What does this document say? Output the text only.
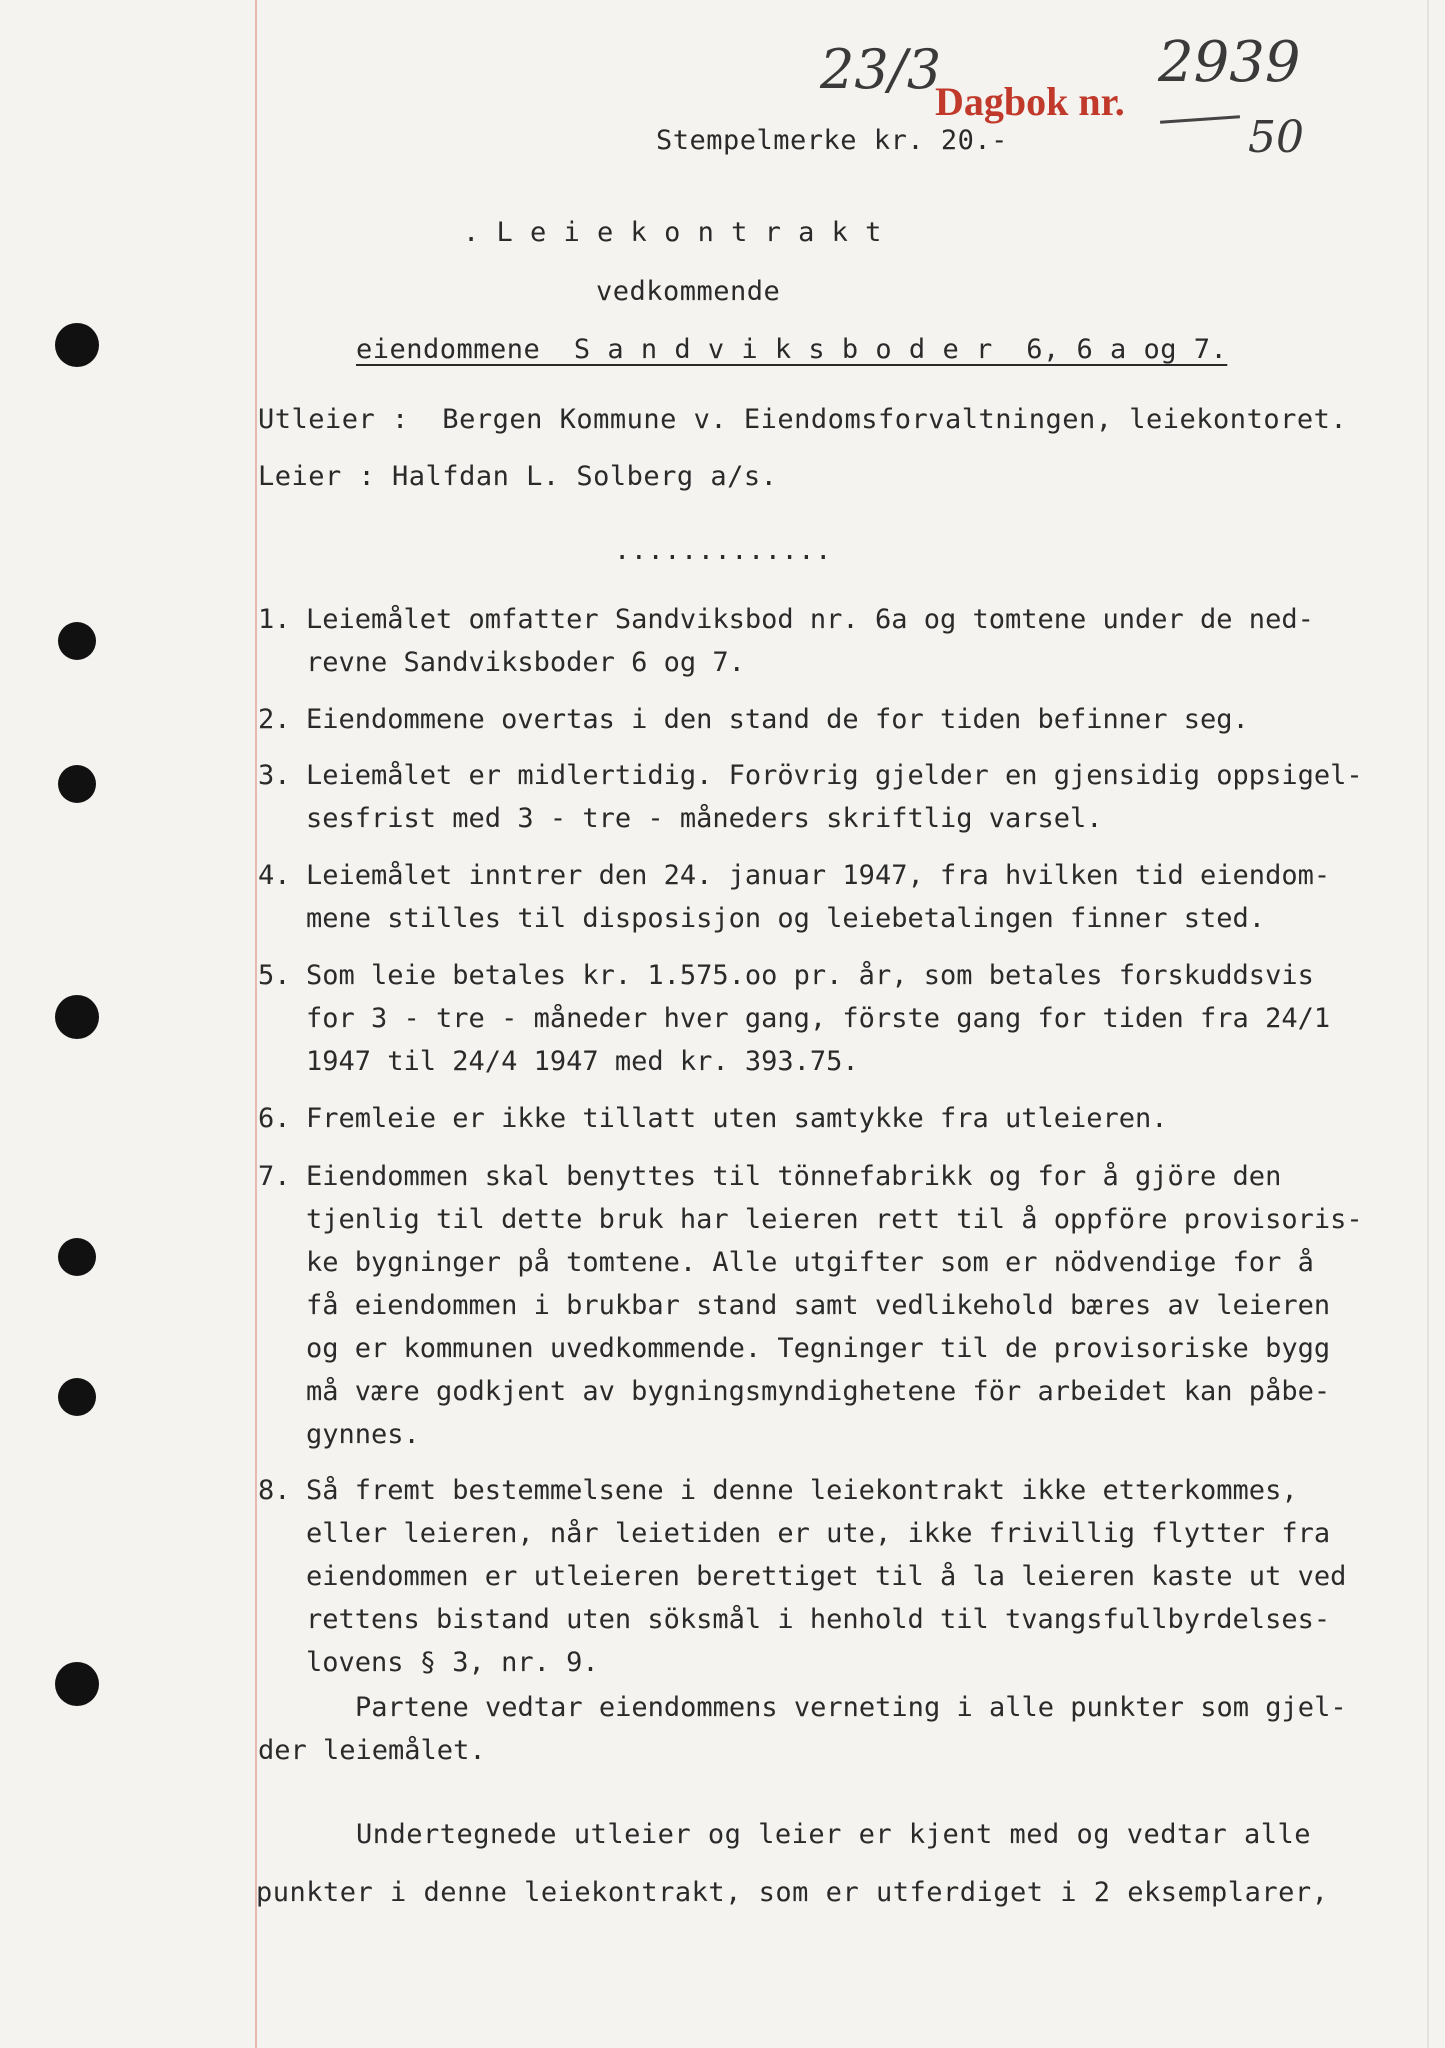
23/3
Dagbok nr.
2939
50
Stempelmerke kr. 20.-
. L e i e k o n t r a k t
vedkommende
eiendommene  S a n d v i k s b o d e r  6, 6 a og 7.
Utleier :  Bergen Kommune v. Eiendomsforvaltningen, leiekontoret.
Leier : Halfdan L. Solberg a/s.
.............
1. Leiemålet omfatter Sandviksbod nr. 6a og tomtene under de ned-
revne Sandviksboder 6 og 7.
2. Eiendommene overtas i den stand de for tiden befinner seg.
3. Leiemålet er midlertidig. Forövrig gjelder en gjensidig oppsigel-
sesfrist med 3 - tre - måneders skriftlig varsel.
4. Leiemålet inntrer den 24. januar 1947, fra hvilken tid eiendom-
mene stilles til disposisjon og leiebetalingen finner sted.
5. Som leie betales kr. 1.575.oo pr. år, som betales forskuddsvis
for 3 - tre - måneder hver gang, förste gang for tiden fra 24/1
1947 til 24/4 1947 med kr. 393.75.
6. Fremleie er ikke tillatt uten samtykke fra utleieren.
7. Eiendommen skal benyttes til tönnefabrikk og for å gjöre den
tjenlig til dette bruk har leieren rett til å oppföre provisoris-
ke bygninger på tomtene. Alle utgifter som er nödvendige for å
få eiendommen i brukbar stand samt vedlikehold bæres av leieren
og er kommunen uvedkommende. Tegninger til de provisoriske bygg
må være godkjent av bygningsmyndighetene för arbeidet kan påbe-
gynnes.
8. Så fremt bestemmelsene i denne leiekontrakt ikke etterkommes,
eller leieren, når leietiden er ute, ikke frivillig flytter fra
eiendommen er utleieren berettiget til å la leieren kaste ut ved
rettens bistand uten söksmål i henhold til tvangsfullbyrdelses-
lovens § 3, nr. 9.
Partene vedtar eiendommens verneting i alle punkter som gjel-
der leiemålet.
Undertegnede utleier og leier er kjent med og vedtar alle
punkter i denne leiekontrakt, som er utferdiget i 2 eksemplarer,
